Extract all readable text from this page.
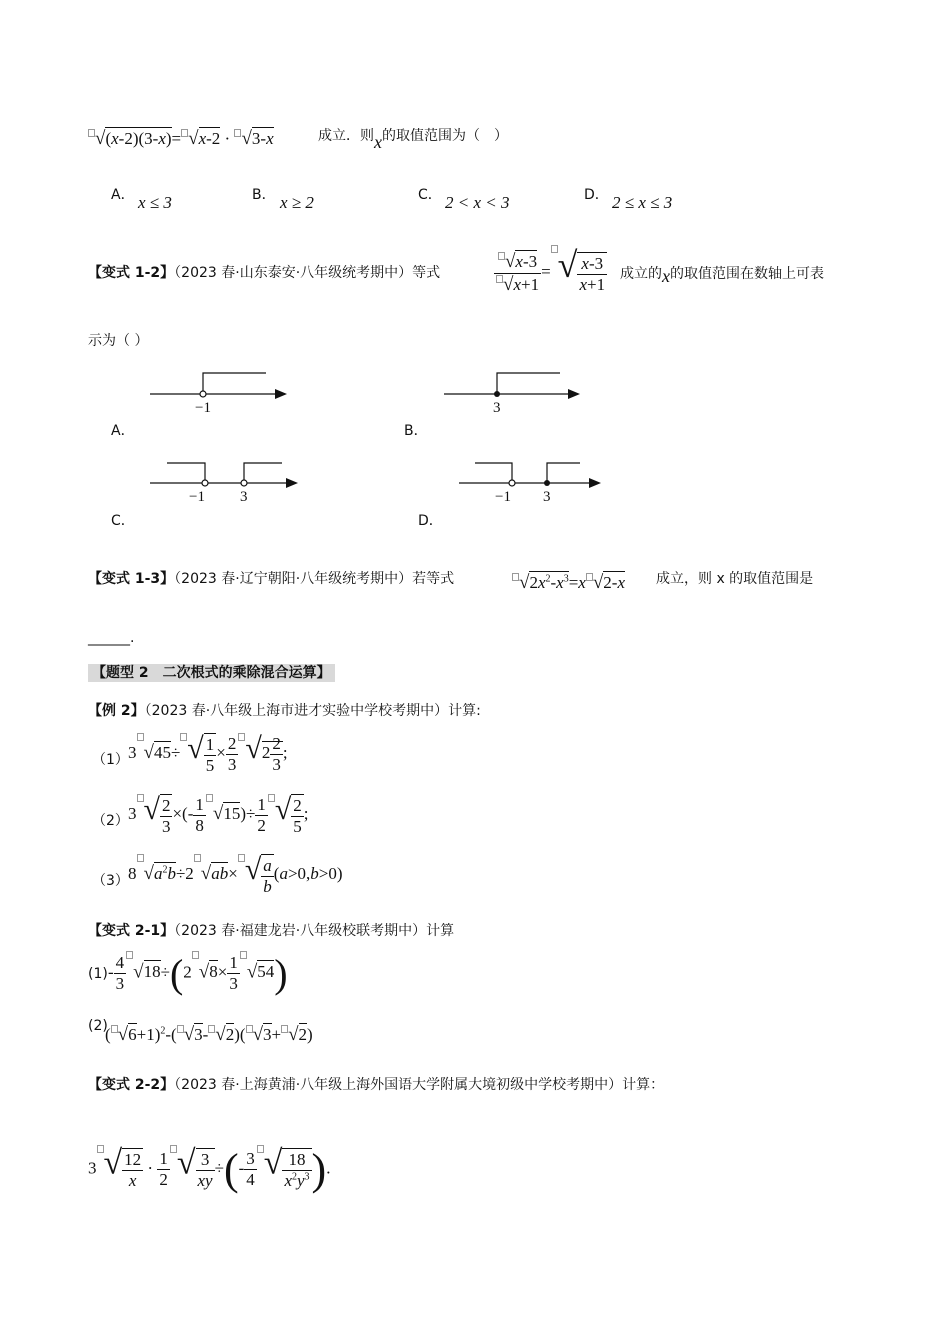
√(x-2)(3-x)= √x-2 · √3-x	成立．则x的取值范围为（　）
A． x ≤ 3	B． x ≥ 2	C． 2 < x < 3	D． 2 ≤ x ≤ 3
【变式 1-2】（2023 春·山东泰安·八年级统考期中）等式	$\frac{√x-3}{√x+1}$ = √ $\frac{x-3}{x+1}$ 成立的x的取值范围在数轴上可表
示为（ ）
−1
A．
3
B．
−1 3
C．
−1 3
D．
【变式 1-3】（2023 春·辽宁朝阳·八年级统考期中）若等式	$√2x^2-x^3=x$ √2-x 成立，则 x 的取值范围是
______.
【题型 2　二次根式的乘除混合运算】
【例 2】（2023 春·八年级上海市进才实验中学校考期中）计算:
（1） 3 √45÷ √ $\frac{1}{5} \times \frac{2}{3} √2 \frac{2}{3}$ ;
（2） 3 √ $\frac{2}{3}$ ×(- $\frac{1}{8} √15)\div \frac{1}{2}$ √ $\frac{2}{5}$ ;
（3） 8 $√a^2b\div 2$ √ab× √ $\frac{a}{b} (a>0,b>0)$
【变式 2-1】（2023 春·福建龙岩·八年级校联考期中）计算
$(1) - \frac{4}{3} √18\div(2$ $√8\times \frac{1}{3} √54$)
(2)
( √6+1)$^2$-( √3- √2)( √3+ √2)
【变式 2-2】（2023 春·上海黄浦·八年级上海外国语大学附属大境初级中学校考期中）计算：
3 √ $\frac{12}{x} \cdot \frac{1}{2}$ √ $\frac{3}{xy}$ ÷(- $\frac{3}{4}$ √ $\frac{18}{x^2y^3}$ ).
